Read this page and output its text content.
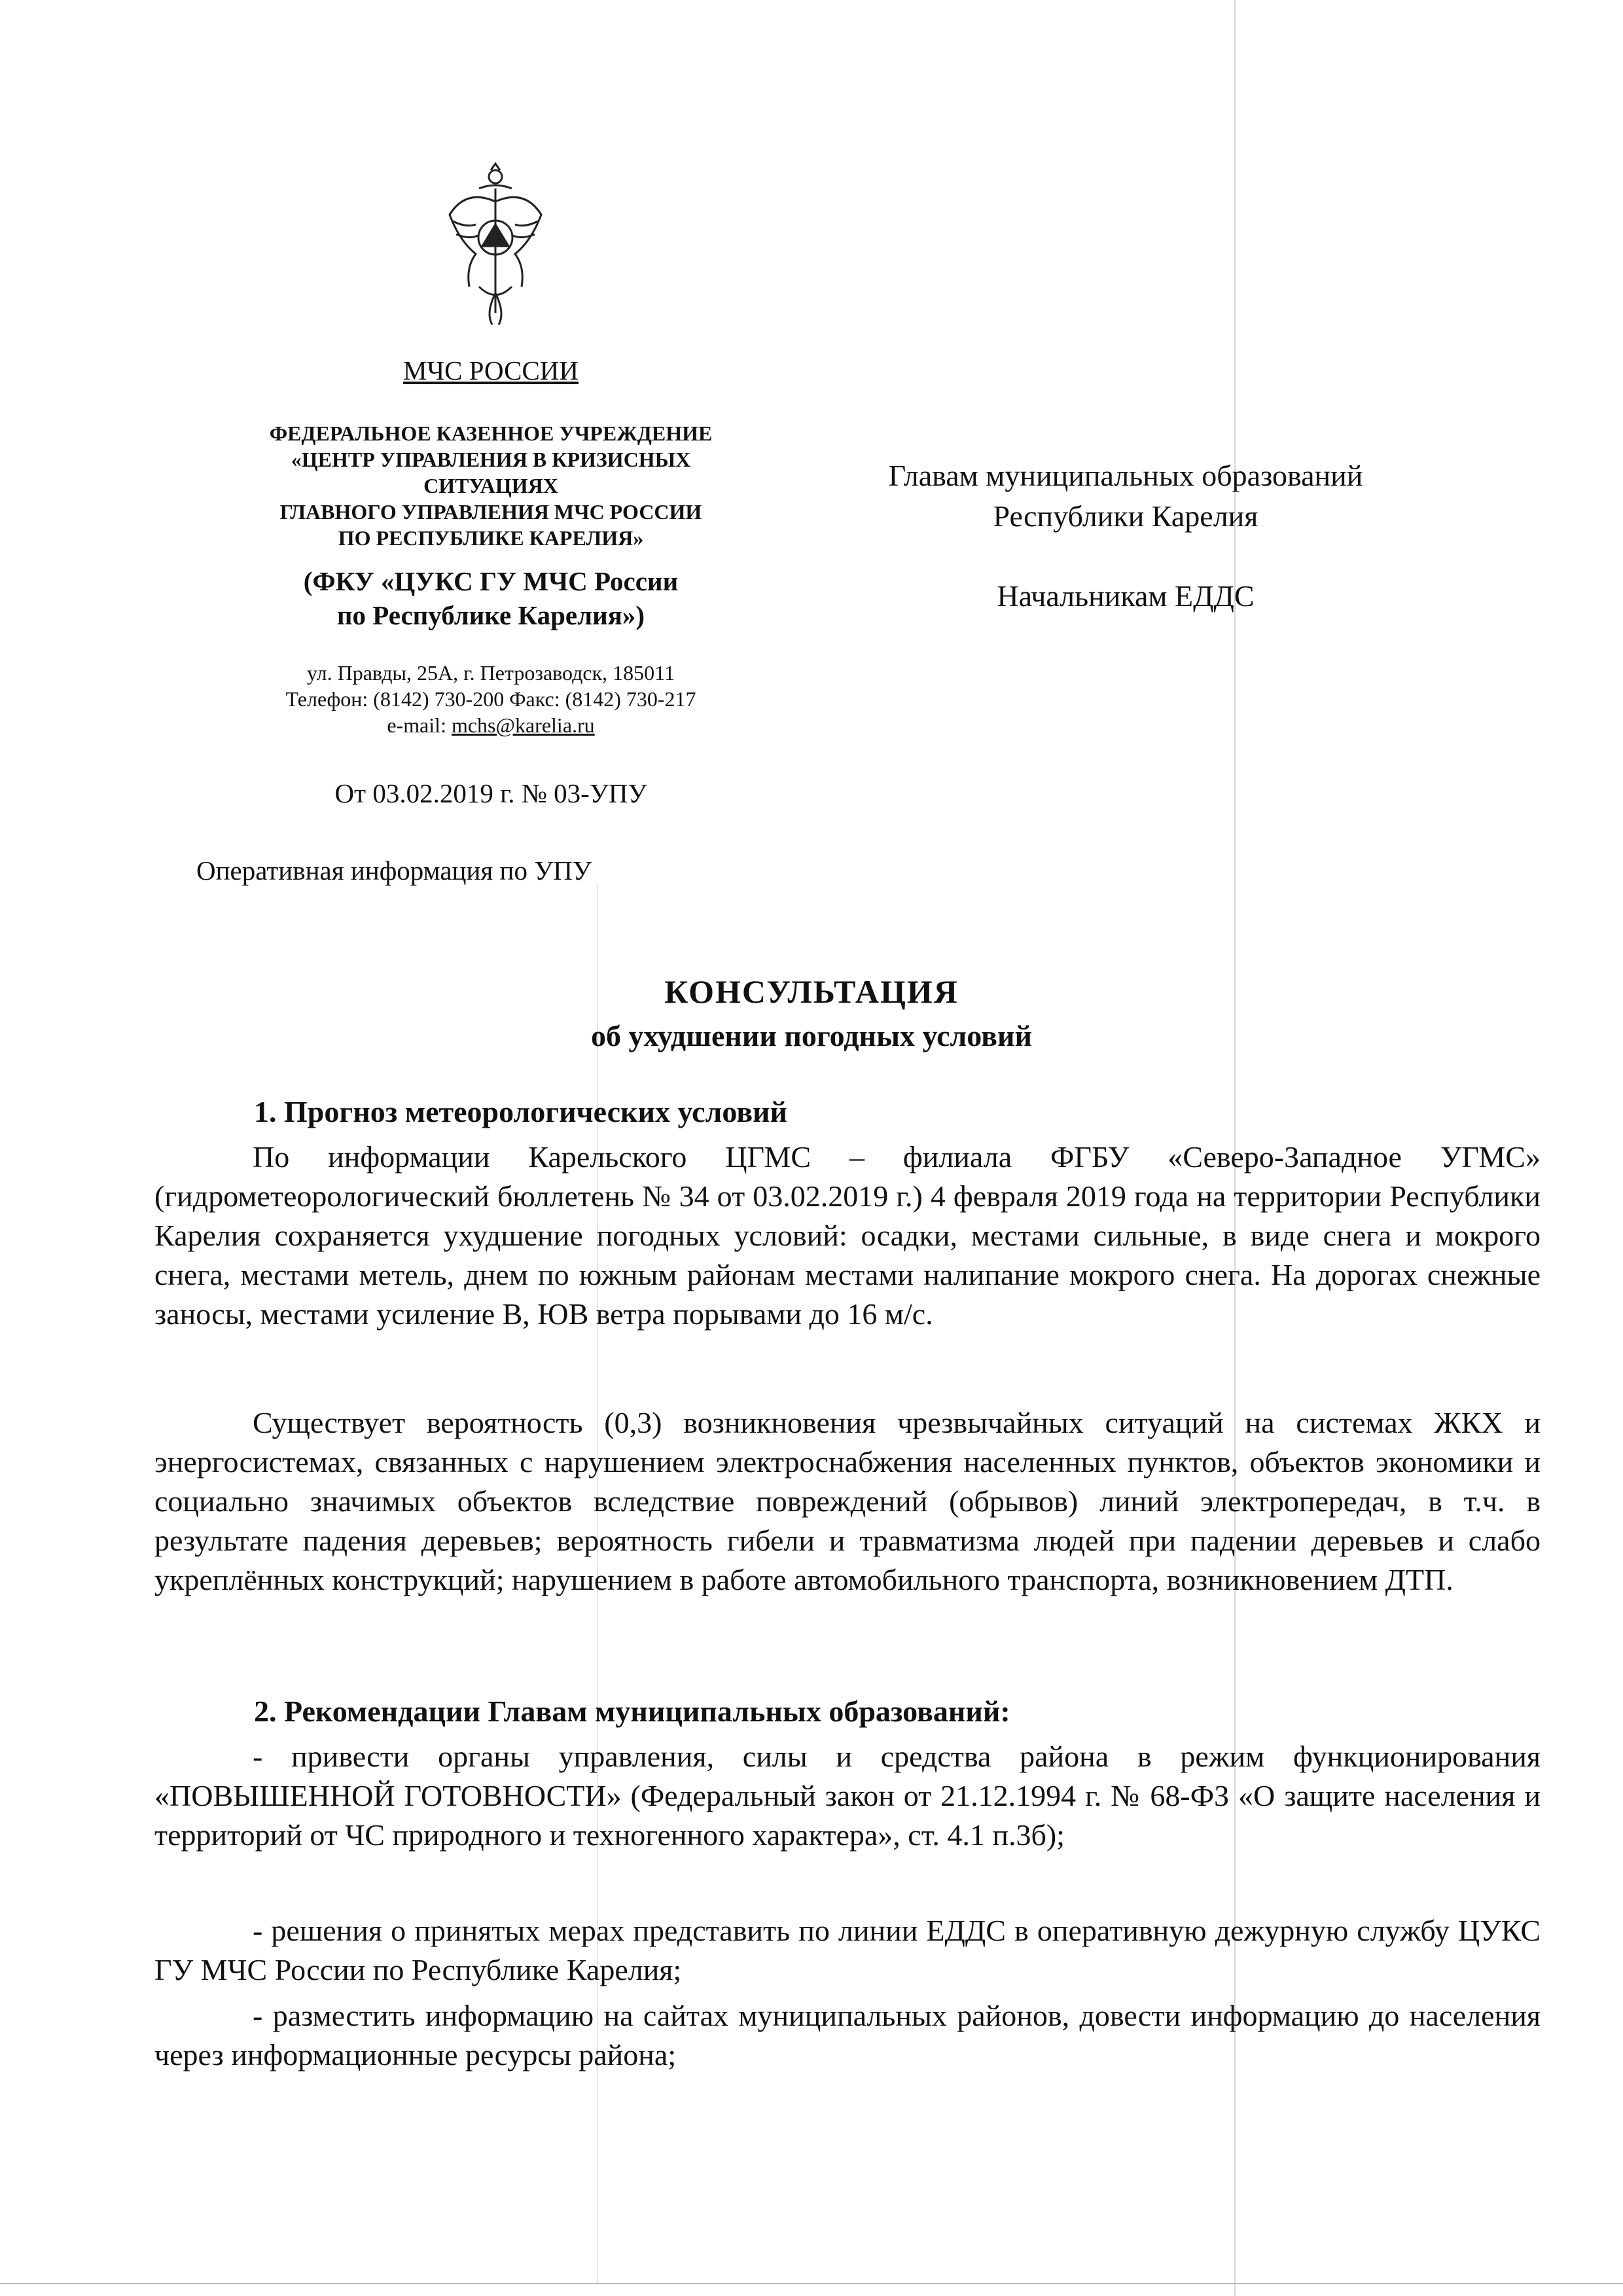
МЧС РОССИИ
ФЕДЕРАЛЬНОЕ КАЗЕННОЕ УЧРЕЖДЕНИЕ
«ЦЕНТР УПРАВЛЕНИЯ В КРИЗИСНЫХ
СИТУАЦИЯХ
ГЛАВНОГО УПРАВЛЕНИЯ МЧС РОССИИ
ПО РЕСПУБЛИКЕ КАРЕЛИЯ»
(ФКУ «ЦУКС ГУ МЧС России
по Республике Карелия»)
ул. Правды, 25А, г. Петрозаводск, 185011
Телефон: (8142) 730-200 Факс: (8142) 730-217
e-mail: mchs@karelia.ru
От 03.02.2019 г. № 03-УПУ
Оперативная информация по УПУ
Главам муниципальных образований
Республики Карелия
Начальникам ЕДДС
КОНСУЛЬТАЦИЯ
об ухудшении погодных условий
1. Прогноз метеорологических условий
По информации Карельского ЦГМС – филиала ФГБУ «Северо-Западное УГМС» (гидрометеорологический бюллетень № 34 от 03.02.2019 г.) 4 февраля 2019 года на территории Республики Карелия сохраняется ухудшение погодных условий: осадки, местами сильные, в виде снега и мокрого снега, местами метель, днем по южным районам местами налипание мокрого снега. На дорогах снежные заносы, местами усиление В, ЮВ ветра порывами до 16 м/с.
Существует вероятность (0,3) возникновения чрезвычайных ситуаций на системах ЖКХ и энергосистемах, связанных с нарушением электроснабжения населенных пунктов, объектов экономики и социально значимых объектов вследствие повреждений (обрывов) линий электропередач, в т.ч. в результате падения деревьев; вероятность гибели и травматизма людей при падении деревьев и слабо укреплённых конструкций; нарушением в работе автомобильного транспорта, возникновением ДТП.
2. Рекомендации Главам муниципальных образований:
- привести органы управления, силы и средства района в режим функционирования «ПОВЫШЕННОЙ ГОТОВНОСТИ» (Федеральный закон от 21.12.1994 г. № 68-ФЗ «О защите населения и территорий от ЧС природного и техногенного характера», ст. 4.1 п.3б);
- решения о принятых мерах представить по линии ЕДДС в оперативную дежурную службу ЦУКС ГУ МЧС России по Республике Карелия;
- разместить информацию на сайтах муниципальных районов, довести информацию до населения через информационные ресурсы района;
